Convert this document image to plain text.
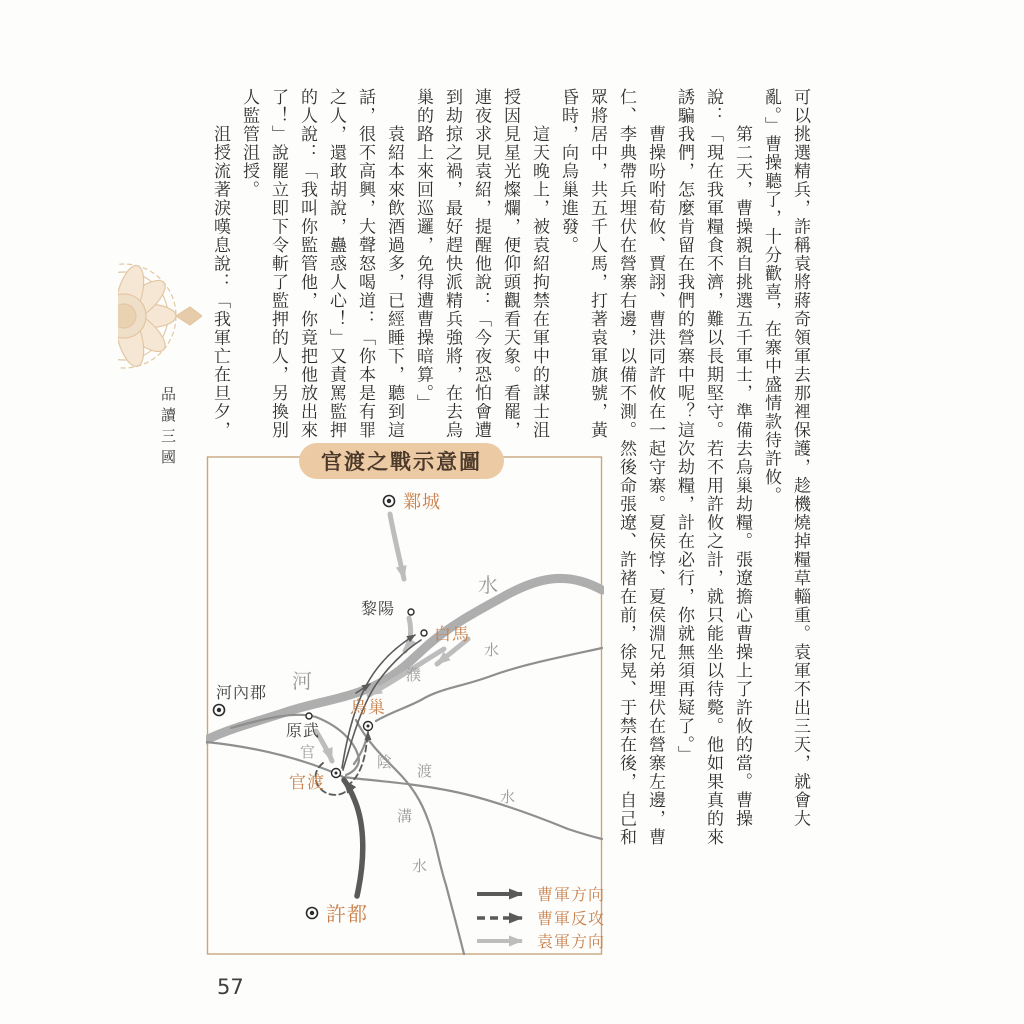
品讀三國	可以挑選精兵，詐稱袁將蔣奇領軍去那裡保護，趁機燒掉糧草輜重。袁軍不出三天，就會大
亂。」曹操聽了，十分歡喜，在寨中盛情款待許攸。
　　第二天，曹操親自挑選五千軍士，準備去烏巢劫糧。張遼擔心曹操上了許攸的當。曹操
說：「現在我軍糧食不濟，難以長期堅守。若不用許攸之計，就只能坐以待斃。他如果真的來
誘騙我們，怎麼肯留在我們的營寨中呢？這次劫糧，計在必行，你就無須再疑了。」
　　曹操吩咐荀攸、賈詡、曹洪同許攸在一起守寨。夏侯惇、夏侯淵兄弟埋伏在營寨左邊，曹
仁、李典帶兵埋伏在營寨右邊，以備不測。然後命張遼、許褚在前，徐晃、于禁在後，自己和
眾將居中，共五千人馬，打著袁軍旗號，黃
昏時，向烏巢進發。
　　這天晚上，被袁紹拘禁在軍中的謀士沮
授因見星光燦爛，便仰頭觀看天象。看罷，
連夜求見袁紹，提醒他說：「今夜恐怕會遭
到劫掠之禍，最好趕快派精兵強將，在去烏
巢的路上來回巡邏，免得遭曹操暗算。」
　　袁紹本來飲酒過多，已經睡下，聽到這
話，很不高興，大聲怒喝道：「你本是有罪
之人，還敢胡說，蠱惑人心！」又責罵監押
的人說：「我叫你監管他，你竟把他放出來
了！」說罷立即下令斬了監押的人，另換別
人監管沮授。
　　沮授流著淚嘆息說：「我軍亡在旦夕，
官渡之戰示意圖
鄴城
黎陽
白馬
河內郡
原武
烏巢
官渡
許都
水
河
水
濮
官
渡
水
陰
溝
水
曹軍方向
曹軍反攻
袁軍方向
57
